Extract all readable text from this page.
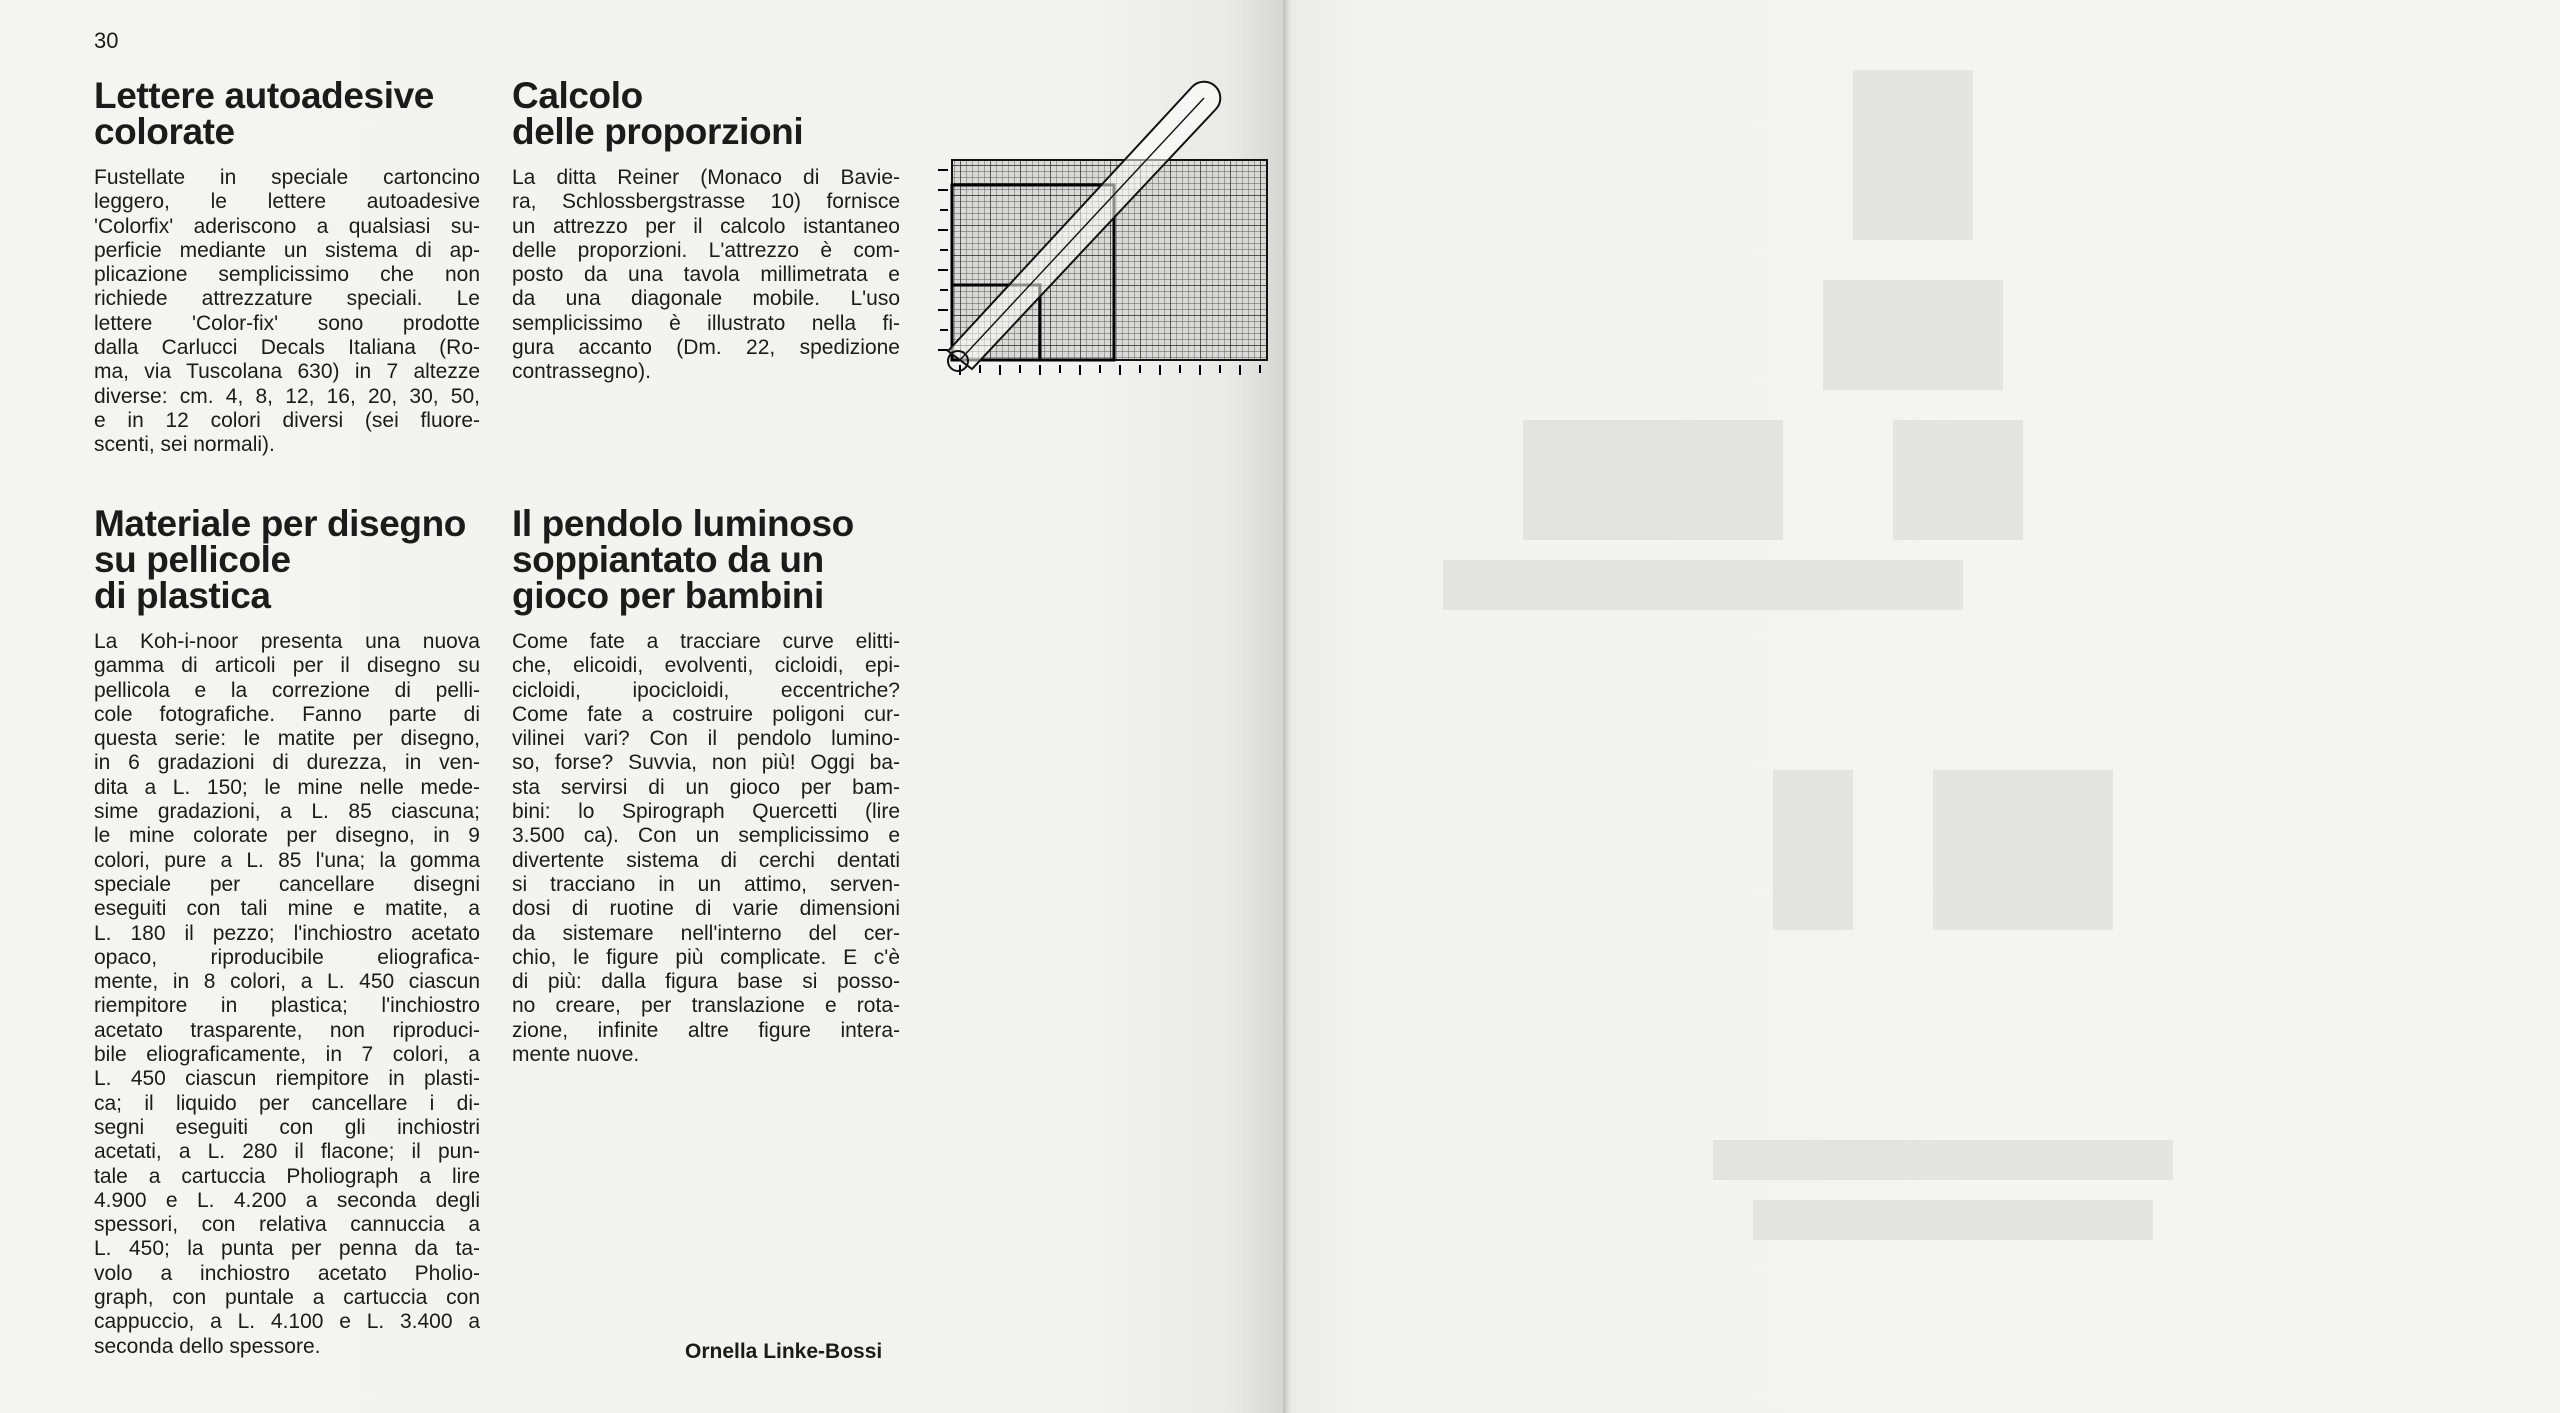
30
Lettere autoadesive
colorate
Fustellate in speciale cartoncino
leggero, le lettere autoadesive
'Colorfix' aderiscono a qualsiasi su-
perficie mediante un sistema di ap-
plicazione semplicissimo che non
richiede attrezzature speciali. Le
lettere 'Color-fix' sono prodotte
dalla Carlucci Decals Italiana (Ro-
ma, via Tuscolana 630) in 7 altezze
diverse: cm. 4, 8, 12, 16, 20, 30, 50,
e in 12 colori diversi (sei fluore-
scenti, sei normali).
Calcolo
delle proporzioni
La ditta Reiner (Monaco di Bavie-
ra, Schlossbergstrasse 10) fornisce
un attrezzo per il calcolo istantaneo
delle proporzioni. L'attrezzo è com-
posto da una tavola millimetrata e
da una diagonale mobile. L'uso
semplicissimo è illustrato nella fi-
gura accanto (Dm. 22, spedizione
contrassegno).
Materiale per disegno
su pellicole
di plastica
La Koh-i-noor presenta una nuova
gamma di articoli per il disegno su
pellicola e la correzione di pelli-
cole fotografiche. Fanno parte di
questa serie: le matite per disegno,
in 6 gradazioni di durezza, in ven-
dita a L. 150; le mine nelle mede-
sime gradazioni, a L. 85 ciascuna;
le mine colorate per disegno, in 9
colori, pure a L. 85 l'una; la gomma
speciale per cancellare disegni
eseguiti con tali mine e matite, a
L. 180 il pezzo; l'inchiostro acetato
opaco, riproducibile eliografica-
mente, in 8 colori, a L. 450 ciascun
riempitore in plastica; l'inchiostro
acetato trasparente, non riproduci-
bile eliograficamente, in 7 colori, a
L. 450 ciascun riempitore in plasti-
ca; il liquido per cancellare i di-
segni eseguiti con gli inchiostri
acetati, a L. 280 il flacone; il pun-
tale a cartuccia Pholiograph a lire
4.900 e L. 4.200 a seconda degli
spessori, con relativa cannuccia a
L. 450; la punta per penna da ta-
volo a inchiostro acetato Pholio-
graph, con puntale a cartuccia con
cappuccio, a L. 4.100 e L. 3.400 a
seconda dello spessore.
Il pendolo luminoso
soppiantato da un
gioco per bambini
Come fate a tracciare curve elitti-
che, elicoidi, evolventi, cicloidi, epi-
cicloidi, ipocicloidi, eccentriche?
Come fate a costruire poligoni cur-
vilinei vari? Con il pendolo lumino-
so, forse? Suvvia, non più! Oggi ba-
sta servirsi di un gioco per bam-
bini: lo Spirograph Quercetti (lire
3.500 ca). Con un semplicissimo e
divertente sistema di cerchi dentati
si tracciano in un attimo, serven-
dosi di ruotine di varie dimensioni
da sistemare nell'interno del cer-
chio, le figure più complicate. E c'è
di più: dalla figura base si posso-
no creare, per translazione e rota-
zione, infinite altre figure intera-
mente nuove.
Ornella Linke-Bossi
